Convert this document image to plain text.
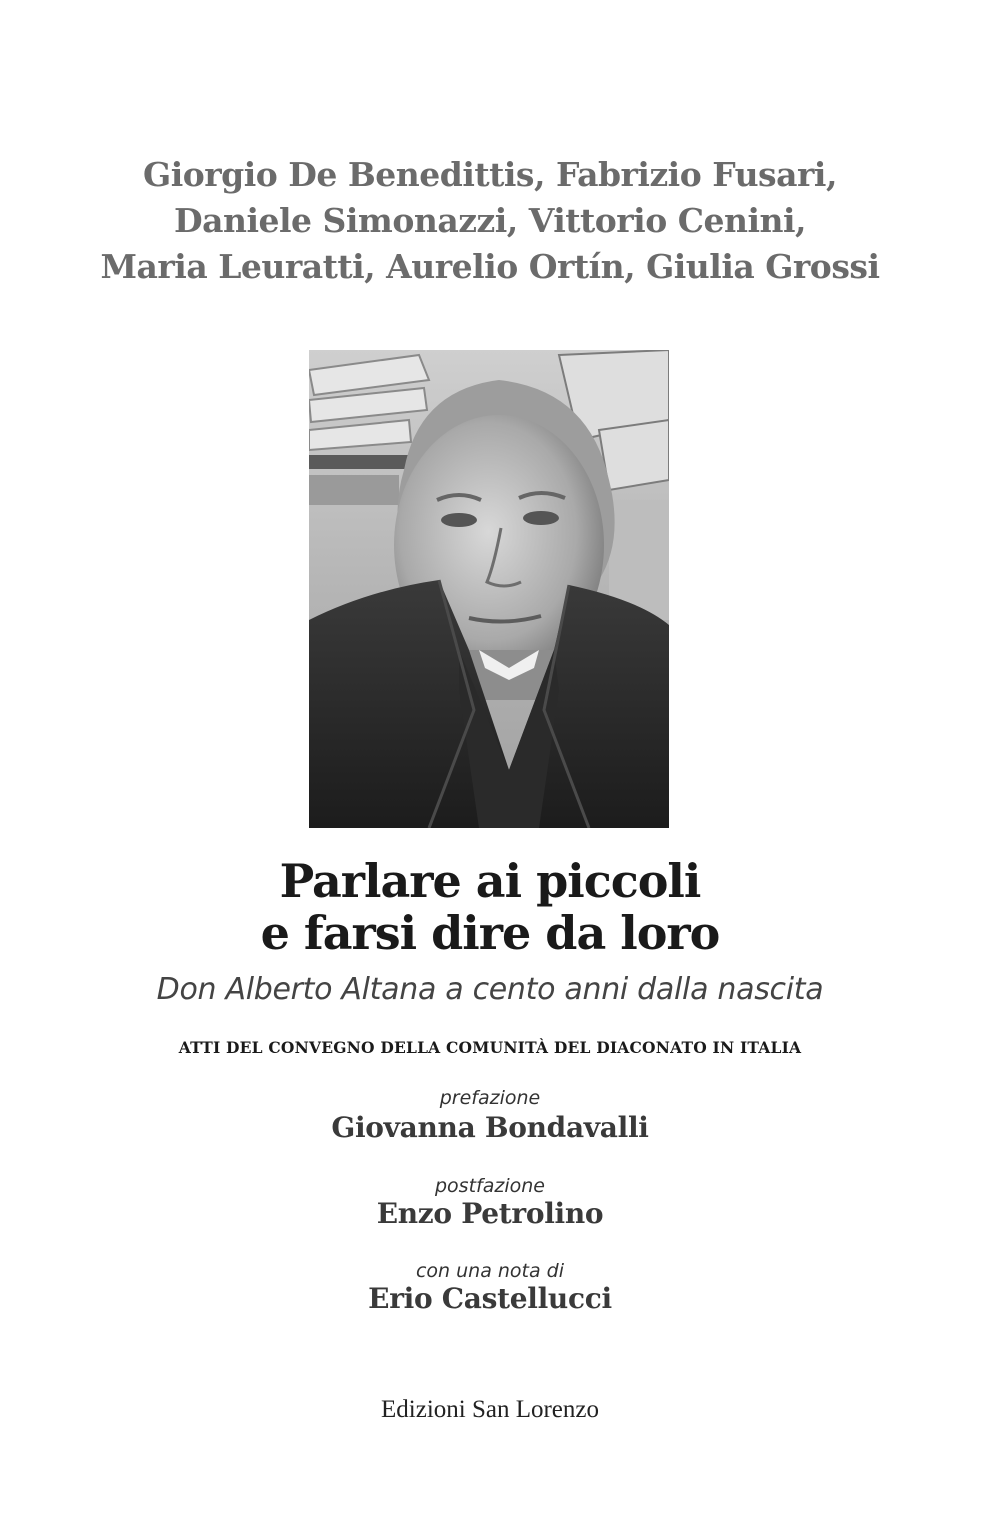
Giorgio De Benedittis, Fabrizio Fusari,
Daniele Simonazzi, Vittorio Cenini,
Maria Leuratti, Aurelio Ortín, Giulia Grossi
Parlare ai piccoli
e farsi dire da loro
Don Alberto Altana a cento anni dalla nascita
ATTI DEL CONVEGNO DELLA COMUNITÀ DEL DIACONATO IN ITALIA
prefazione
Giovanna Bondavalli
postfazione
Enzo Petrolino
con una nota di
Erio Castellucci
Edizioni San Lorenzo
